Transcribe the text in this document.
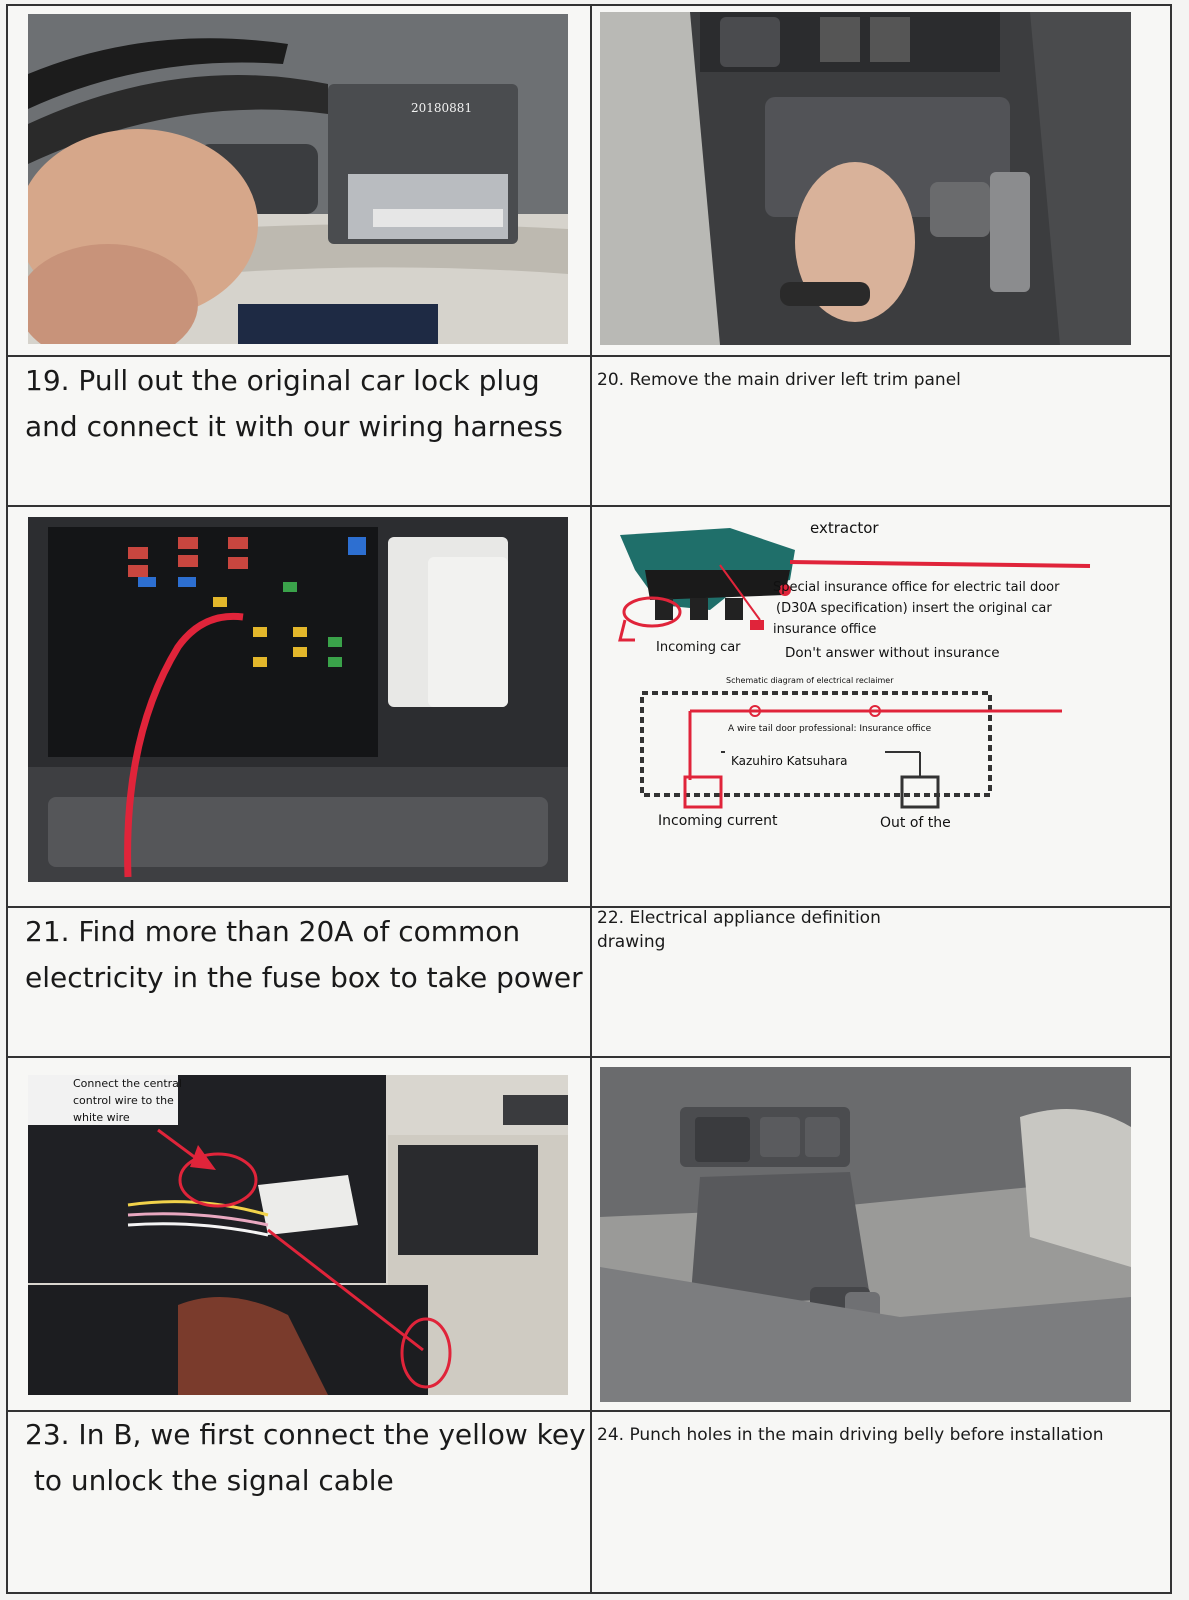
20180881
19. Pull out the original car lock plug
and connect it with our wiring harness
20. Remove the main driver left trim panel
extractor
Special insurance office for electric tail door
(D30A specification) insert the original car
insurance office
Incoming car	Don't answer without insurance
Schematic diagram of electrical reclaimer
A wire tail door professional: Insurance office
Kazuhiro Katsuhara
Incoming current	Out of the
21. Find more than 20A of common
electricity in the fuse box to take power
22. Electrical appliance definition
drawing
Connect the central
control wire to the
white wire
23. In B, we first connect the yellow key
to unlock the signal cable
24. Punch holes in the main driving belly before installation
